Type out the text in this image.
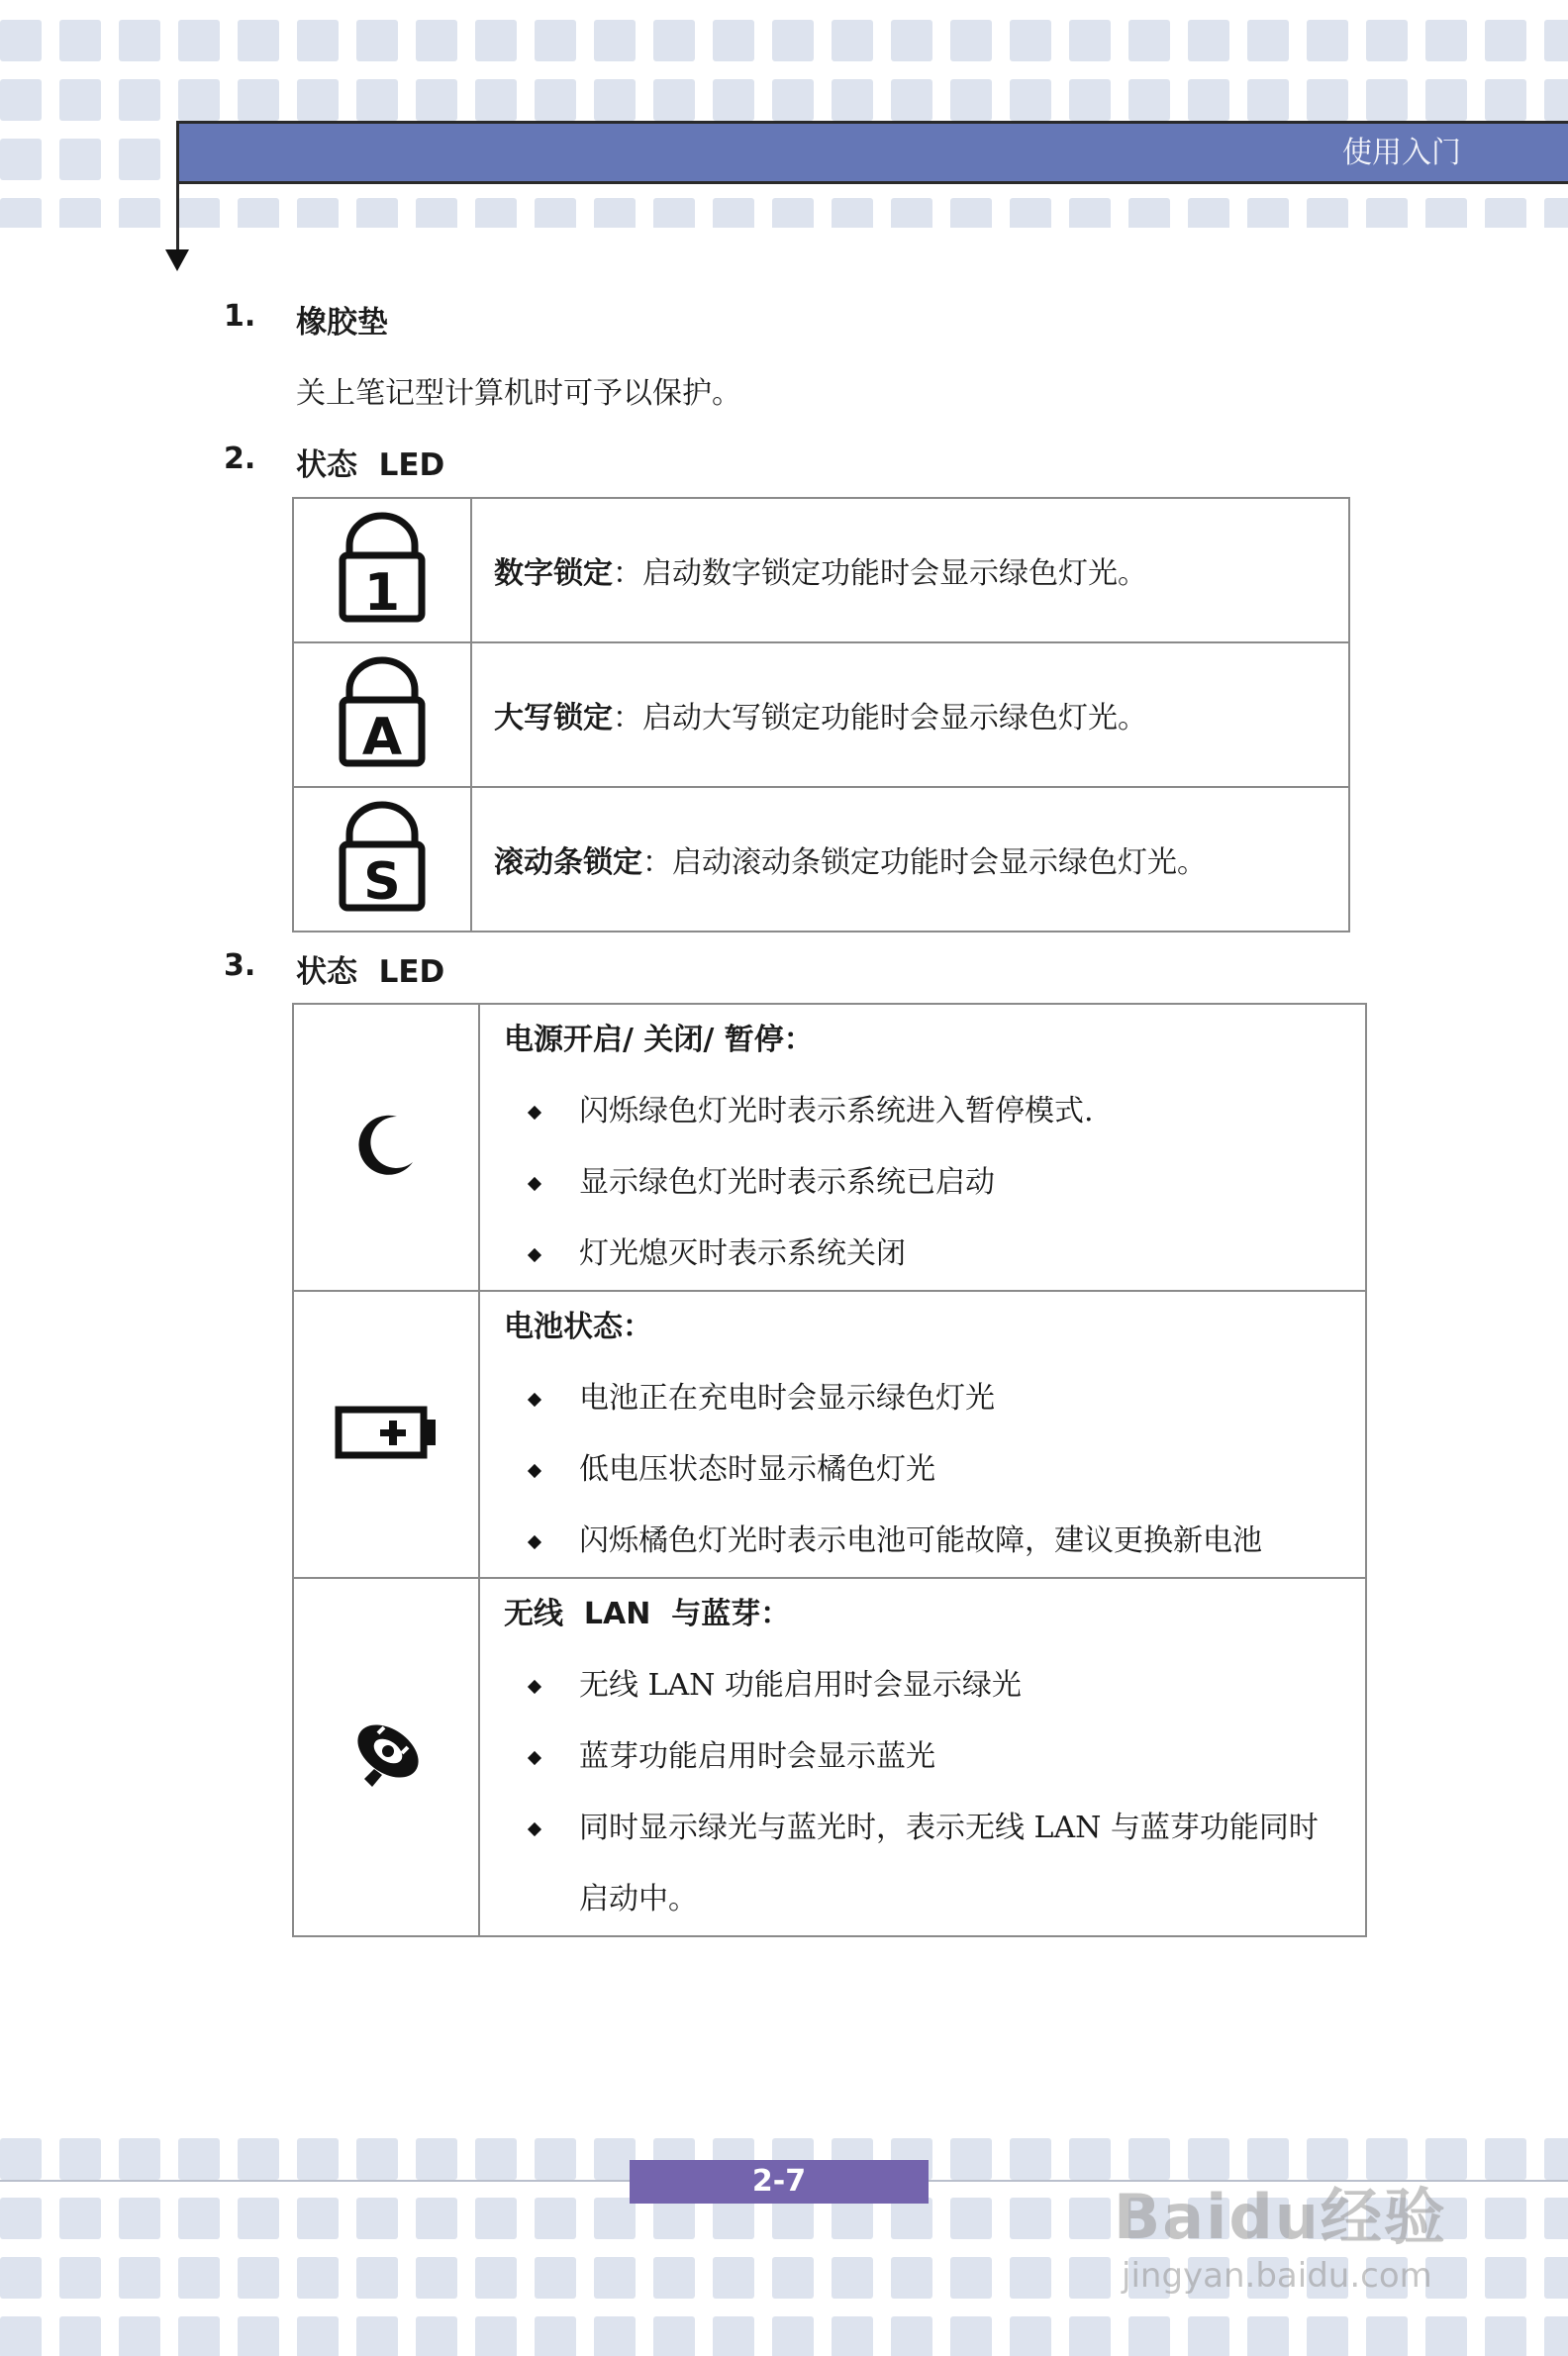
使用入门
1. 橡胶垫
关上笔记型计算机时可予以保护。
2. 状态  LED
1	数字锁定：启动数字锁定功能时会显示绿色灯光。

A	大写锁定：启动大写锁定功能时会显示绿色灯光。

S	滚动条锁定：启动滚动条锁定功能时会显示绿色灯光。
3. 状态  LED

电源开启/ 关闭/ 暂停：
闪烁绿色灯光时表示系统进入暂停模式.
显示绿色灯光时表示系统已启动
灯光熄灭时表示系统关闭

电池状态：
电池正在充电时会显示绿色灯光
低电压状态时显示橘色灯光
闪烁橘色灯光时表示电池可能故障，建议更换新电池

无线  LAN  与蓝芽：
无线 LAN 功能启用时会显示绿光
蓝芽功能启用时会显示蓝光
同时显示绿光与蓝光时，表示无线 LAN 与蓝芽功能同时
启动中。
2-7	Baidu经验
jingyan.baidu.com
